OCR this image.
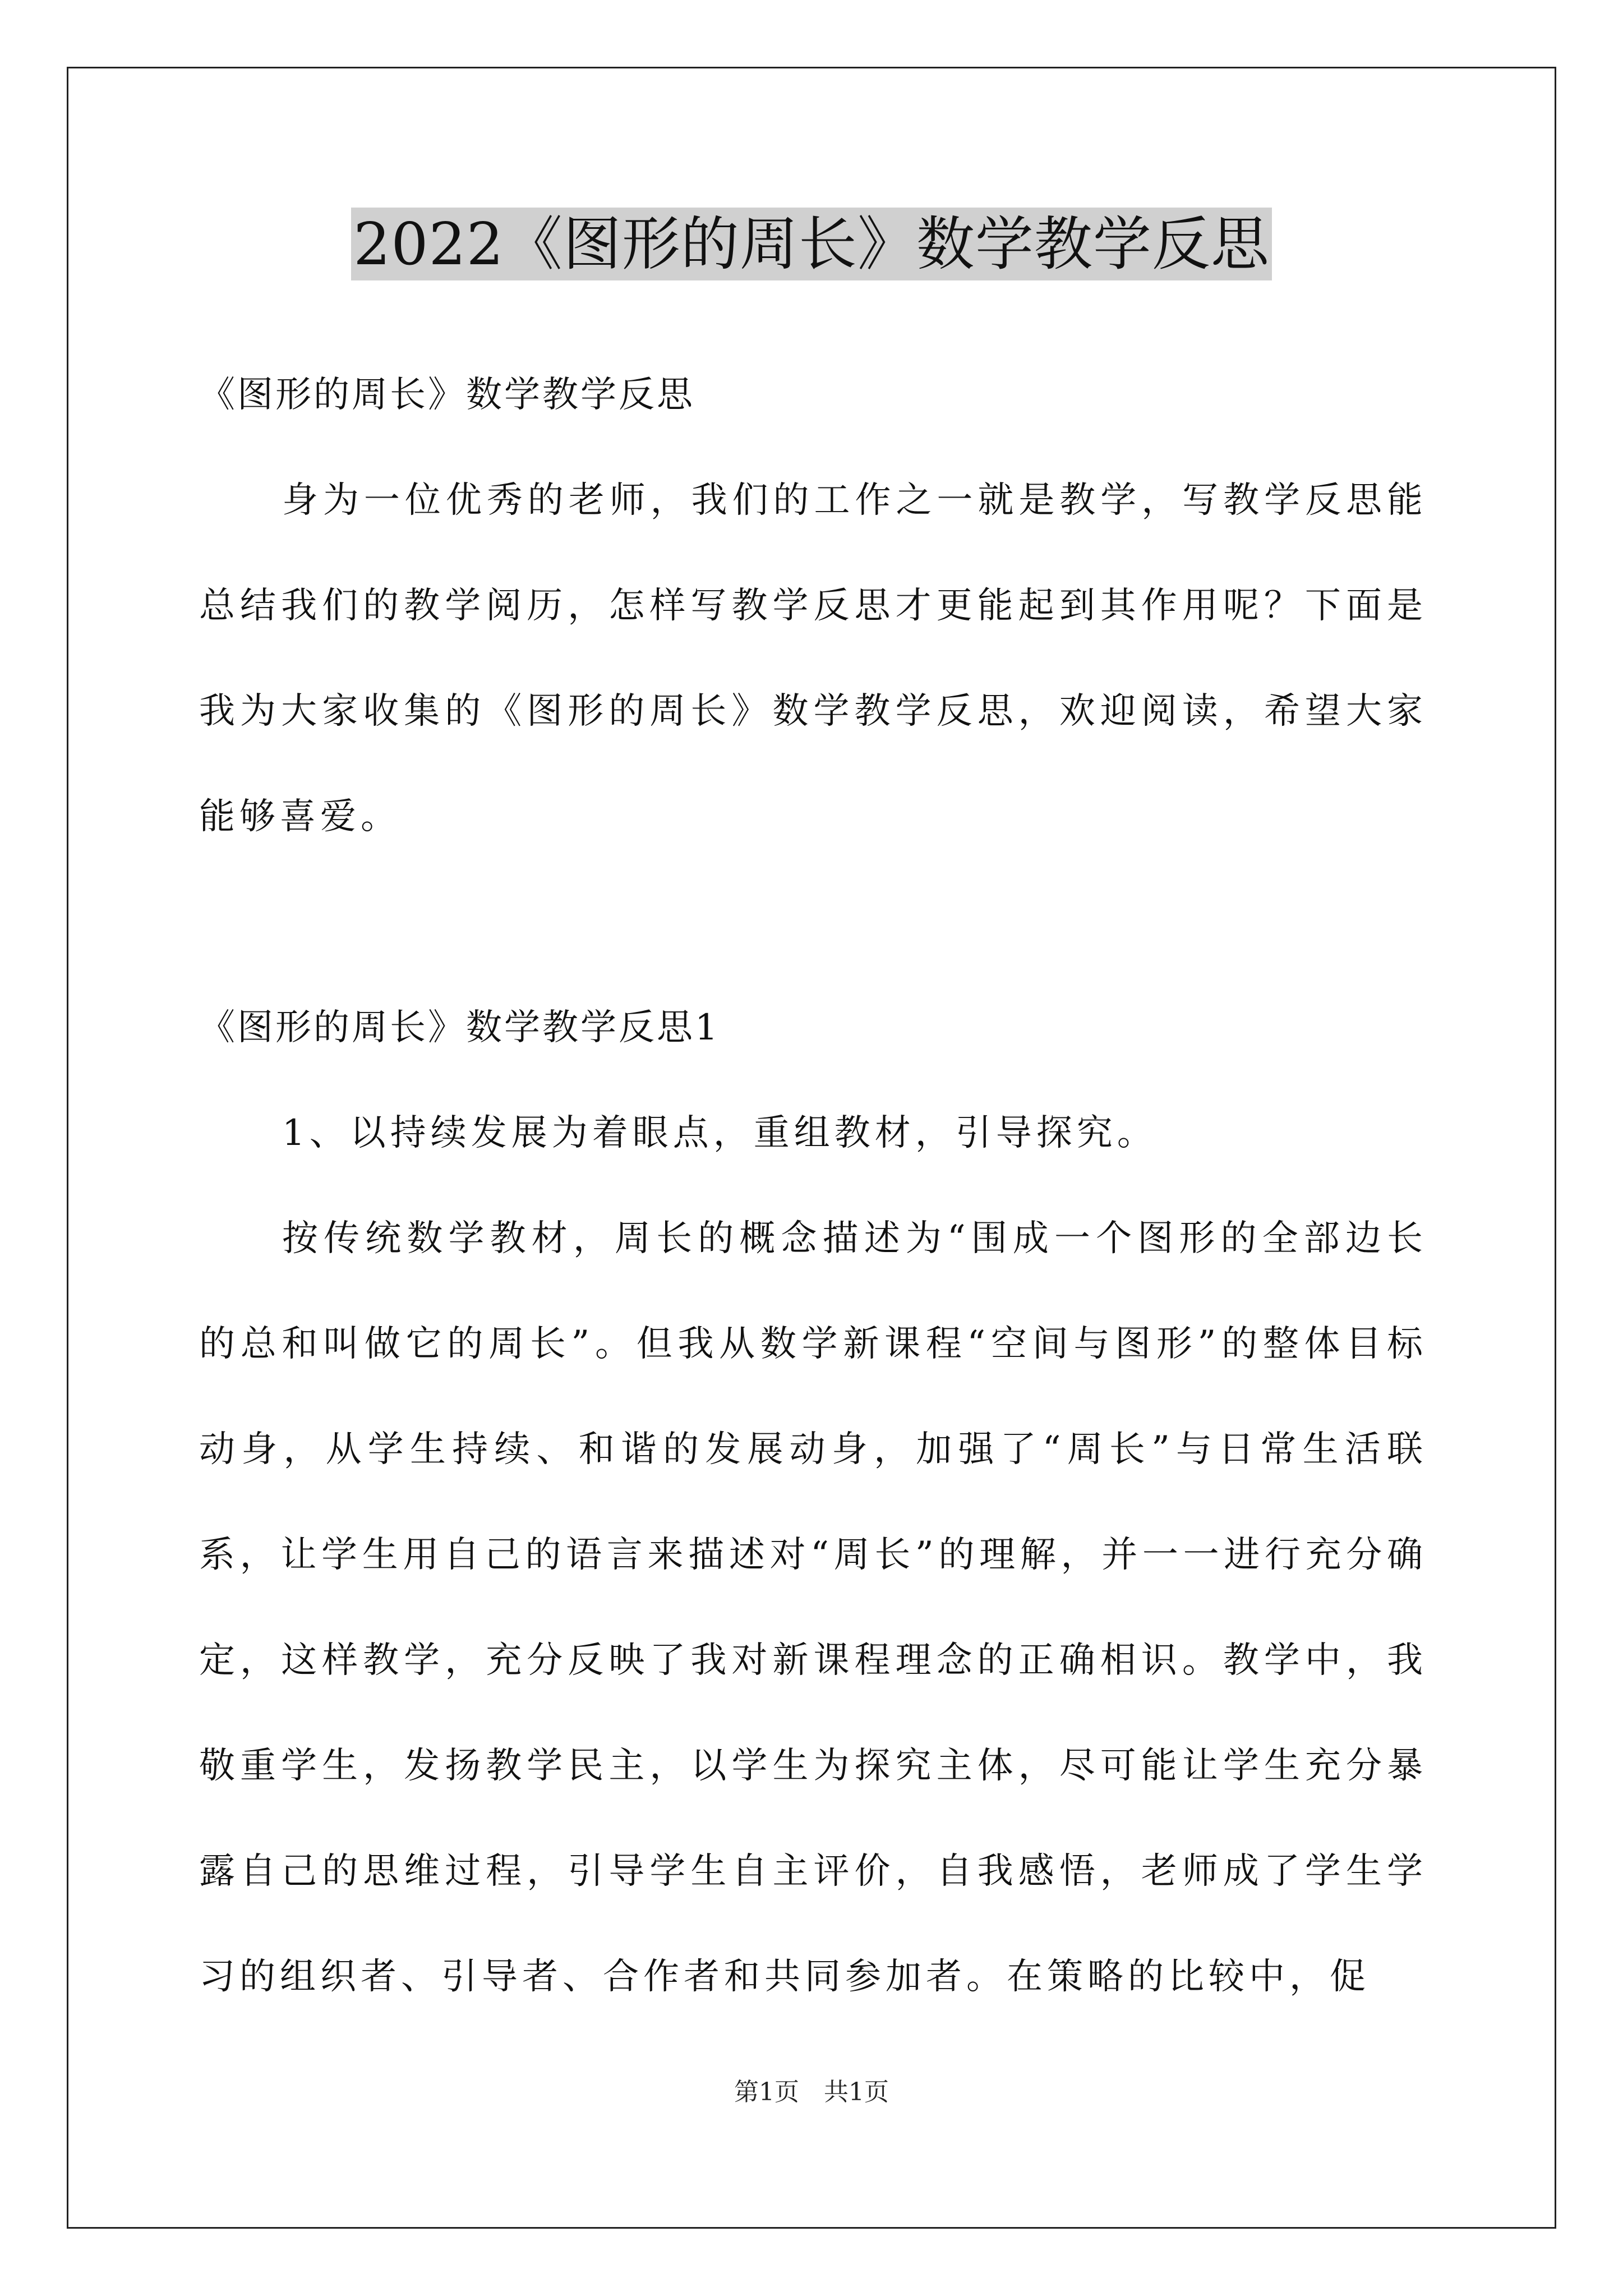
2022《图形的周长》数学教学反思

《图形的周长》数学教学反思

身为一位优秀的老师，我们的工作之一就是教学，写教学反思能总结我们的教学阅历，怎样写教学反思才更能起到其作用呢？下面是我为大家收集的《图形的周长》数学教学反思，欢迎阅读，希望大家能够喜爱。

《图形的周长》数学教学反思1

1、以持续发展为着眼点，重组教材，引导探究。

按传统数学教材，周长的概念描述为“围成一个图形的全部边长的总和叫做它的周长”。但我从数学新课程“空间与图形”的整体目标动身，从学生持续、和谐的发展动身，加强了“周长”与日常生活联系，让学生用自己的语言来描述对“周长”的理解，并一一进行充分确定，这样教学，充分反映了我对新课程理念的正确相识。教学中，我敬重学生，发扬教学民主，以学生为探究主体，尽可能让学生充分暴露自己的思维过程，引导学生自主评价，自我感悟，老师成了学生学习的组织者、引导者、合作者和共同参加者。在策略的比较中，促

第1页　共1页
